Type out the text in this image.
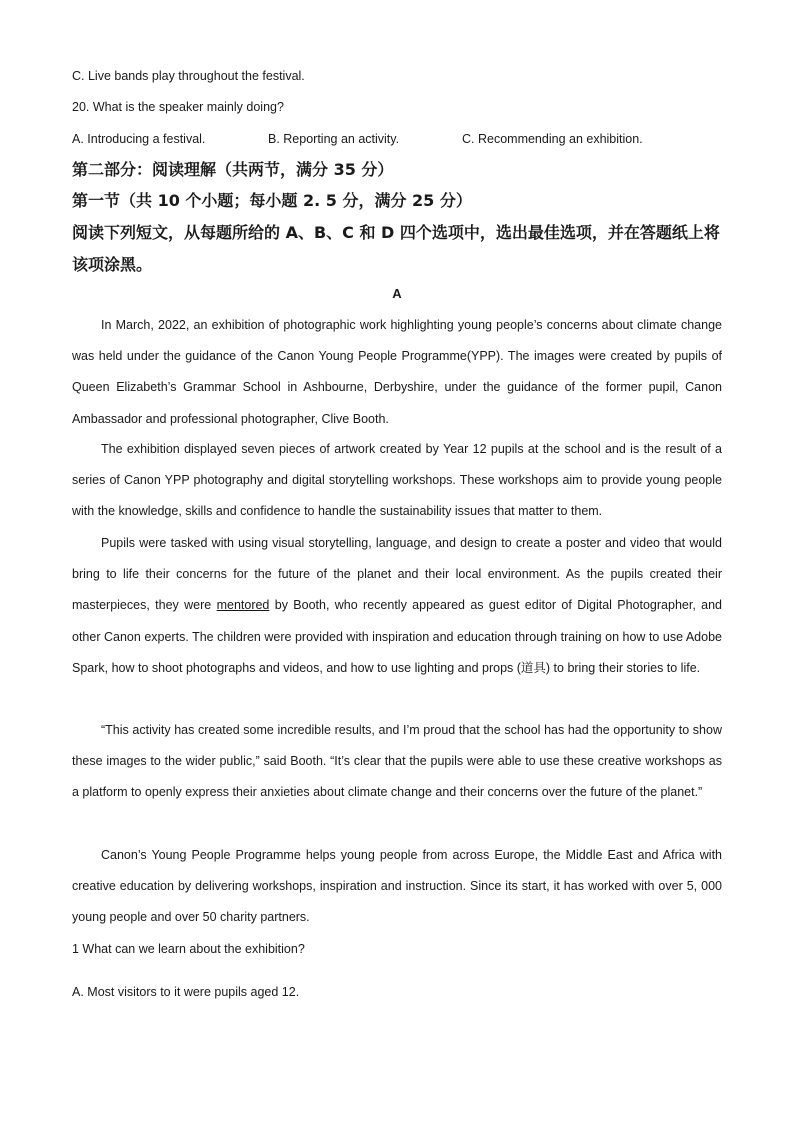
C. Live bands play throughout the festival.
20. What is the speaker mainly doing?
A. Introducing a festival.	B. Reporting an activity.	C. Recommending an exhibition.
第二部分：阅读理解（共两节，满分 35 分）
第一节（共 10 个小题；每小题 2. 5 分，满分 25 分）
阅读下列短文，从每题所给的 A、B、C 和 D 四个选项中，选出最佳选项，并在答题纸上将该项涂黑。
A
In March, 2022, an exhibition of photographic work highlighting young people’s concerns about climate change was held under the guidance of the Canon Young People Programme(YPP). The images were created by pupils of Queen Elizabeth’s Grammar School in Ashbourne, Derbyshire, under the guidance of the former pupil, Canon Ambassador and professional photographer, Clive Booth.
The exhibition displayed seven pieces of artwork created by Year 12 pupils at the school and is the result of a series of Canon YPP photography and digital storytelling workshops. These workshops aim to provide young people with the knowledge, skills and confidence to handle the sustainability issues that matter to them.
Pupils were tasked with using visual storytelling, language, and design to create a poster and video that would bring to life their concerns for the future of the planet and their local environment. As the pupils created their masterpieces, they were mentored by Booth, who recently appeared as guest editor of Digital Photographer, and other Canon experts. The children were provided with inspiration and education through training on how to use Adobe Spark, how to shoot photographs and videos, and how to use lighting and props (道具) to bring their stories to life.
“This activity has created some incredible results, and I’m proud that the school has had the opportunity to show these images to the wider public,” said Booth. “It’s clear that the pupils were able to use these creative workshops as a platform to openly express their anxieties about climate change and their concerns over the future of the planet.”
Canon’s Young People Programme helps young people from across Europe, the Middle East and Africa with creative education by delivering workshops, inspiration and instruction. Since its start, it has worked with over 5, 000 young people and over 50 charity partners.
1 What can we learn about the exhibition?
A. Most visitors to it were pupils aged 12.
